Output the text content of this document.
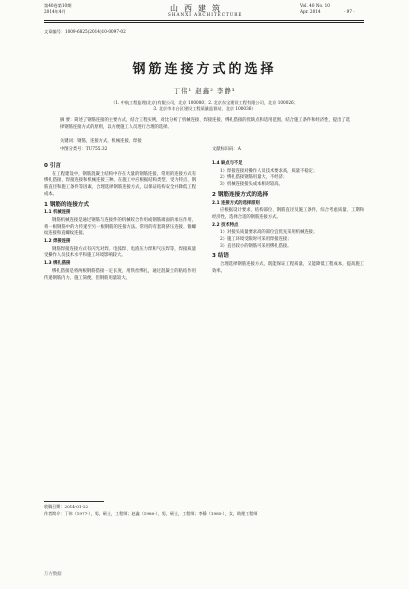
第40卷第10期
2014年4月	山西建筑
SHANXI ARCHITECTURE
Vol. 40 No. 10
Apr. 2014	· 97 ·
文章编号：1009-6825(2014)10-0097-02
钢筋连接方式的选择
丁伟¹ 赵鑫² 李静³
（1. 中航工程监理(北京)有限公司，北京 100080；2. 北京东宝建设工程有限公司，北京 100026；
3. 北京市丰台区建设工程质量监督站，北京 100036）
摘 要：简述了钢筋连接的主要方式，结合工程实例，对比分析了机械连接、焊接连接、绑扎搭接的优缺点和适用范围，结合施工条件和经济性，提出了选择钢筋连接方式的原则，以方便施工人员进行合理的选择。
关键词：钢筋，连接方式，机械连接，焊接
中图分类号：TU755.32	文献标识码：A

0 引言

在工程建设中，钢筋混凝土结构中存在大量的钢筋连接，常用的连接方式有绑扎搭接、焊接连接和机械连接三种。在施工中应根据结构类型、受力特点、钢筋直径和施工条件等因素，合理选择钢筋连接方式，以保证结构安全并降低工程成本。

1 钢筋的连接方式

1.1 机械连接

钢筋机械连接是通过钢筋与连接件的机械咬合作用或钢筋端面的承压作用，将一根钢筋中的力传递至另一根钢筋的连接方法。常用的有套筒挤压连接、锥螺纹连接和直螺纹连接。

1.2 焊接连接

钢筋焊接连接方式有闪光对焊、电弧焊、电渣压力焊和气压焊等，焊接质量受操作人员技术水平和施工环境影响较大。

1.3 绑扎搭接

绑扎搭接是将两根钢筋搭接一定长度，用铁丝绑扎，通过混凝土的粘结作用传递钢筋内力，施工简便，但钢筋用量较大。

1.4 缺点与不足

1）焊接连接对操作人员技术要求高，质量不稳定；

2）绑扎搭接钢筋用量大，不经济；

3）机械连接接头成本相对较高。

2 钢筋连接方式的选择

2.1 连接方式的选择原则

应根据设计要求、结构部位、钢筋直径及施工条件，综合考虑质量、工期和经济性，选择合适的钢筋连接方式。

2.2 技术特点

1）对接头质量要求高的部位宜优先采用机械连接；

2）施工环境受限时可采用焊接连接；

3）直径较小的钢筋可采用绑扎搭接。

3 结语

合理选择钢筋连接方式，既能保证工程质量，又能降低工程成本，提高施工效率。

收稿日期：2014-01-22
作者简介：丁伟（1977-），男，硕士，工程师；赵鑫（1980-），男，硕士，工程师；李静（1985-），女，助理工程师
万方数据
